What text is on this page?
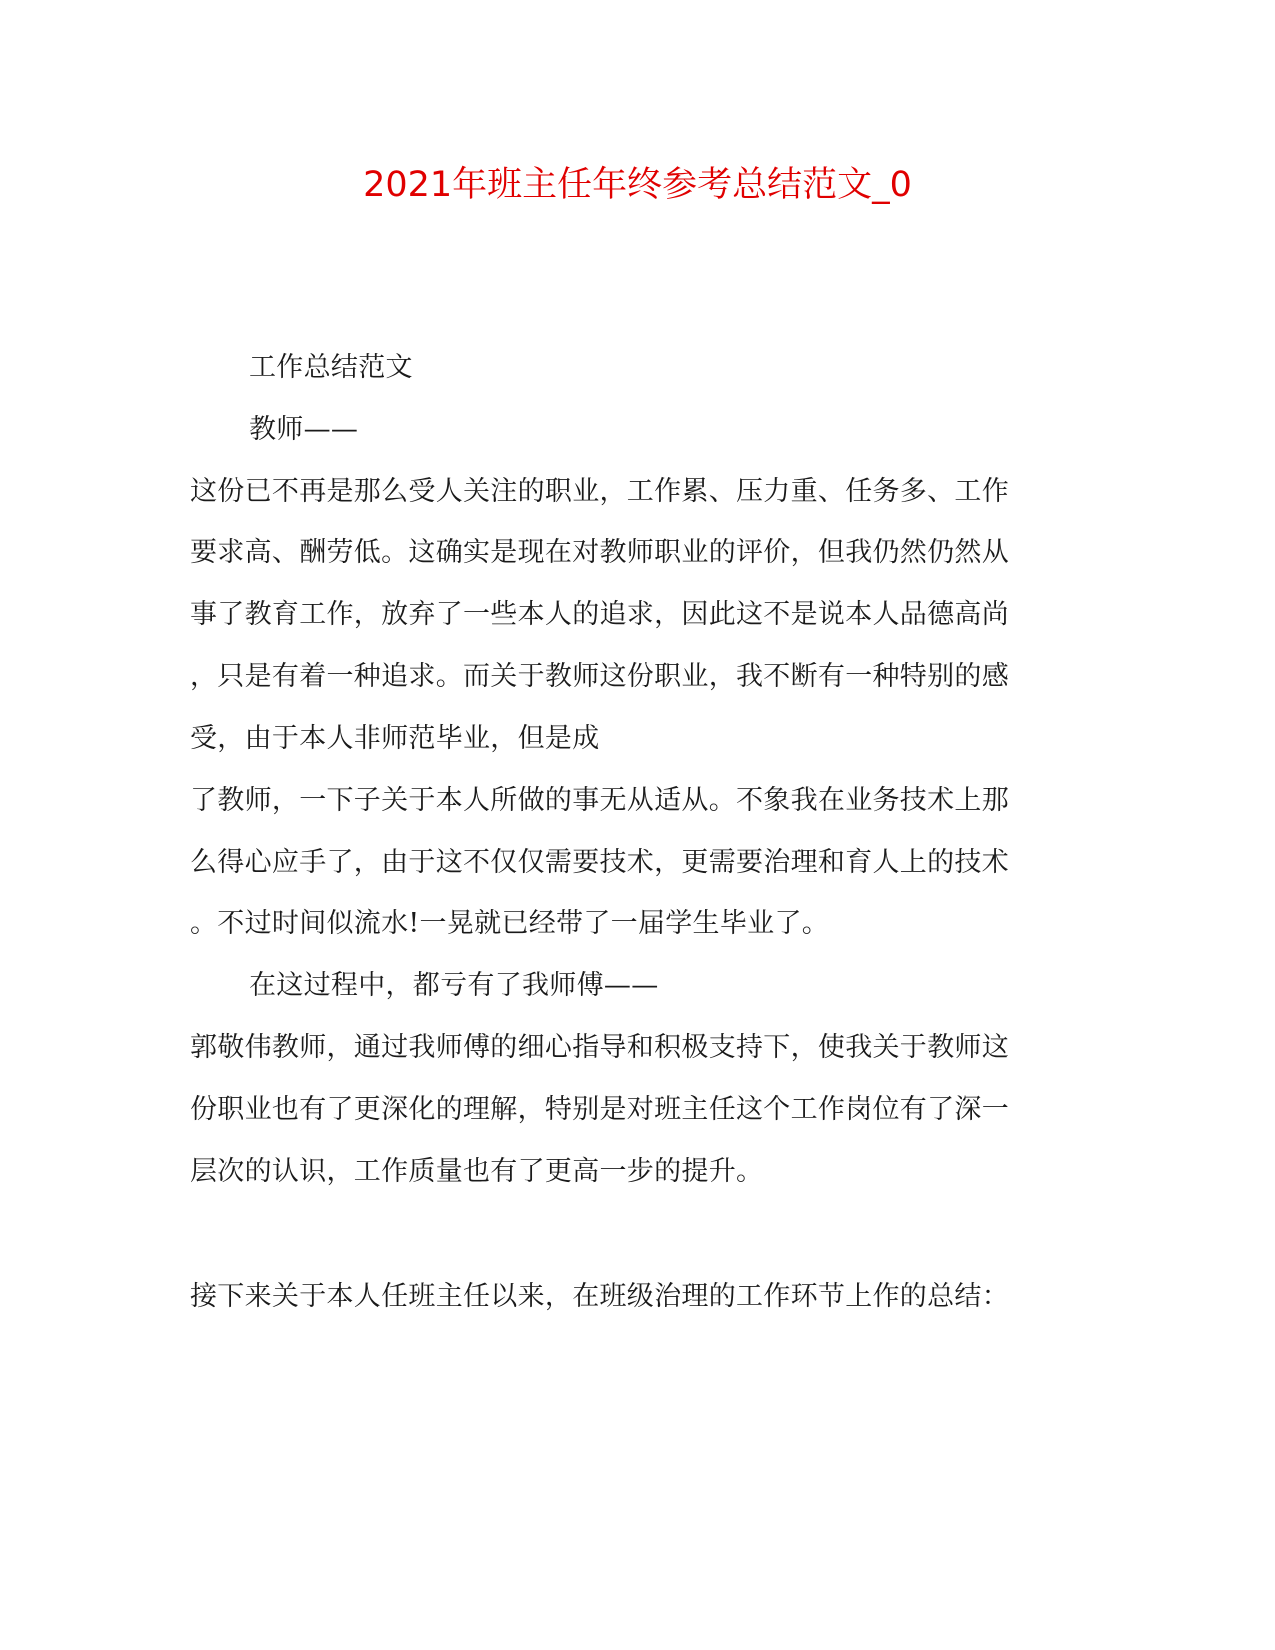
2021年班主任年终参考总结范文_0
工作总结范文
教师——
这份已不再是那么受人关注的职业，工作累、压力重、任务多、工作
要求高、酬劳低。这确实是现在对教师职业的评价，但我仍然仍然从
事了教育工作，放弃了一些本人的追求，因此这不是说本人品德高尚
，只是有着一种追求。而关于教师这份职业，我不断有一种特别的感
受，由于本人非师范毕业，但是成
了教师，一下子关于本人所做的事无从适从。不象我在业务技术上那
么得心应手了，由于这不仅仅需要技术，更需要治理和育人上的技术
。不过时间似流水!一晃就已经带了一届学生毕业了。
在这过程中，都亏有了我师傅——
郭敬伟教师，通过我师傅的细心指导和积极支持下，使我关于教师这
份职业也有了更深化的理解，特别是对班主任这个工作岗位有了深一
层次的认识，工作质量也有了更高一步的提升。
接下来关于本人任班主任以来，在班级治理的工作环节上作的总结：
